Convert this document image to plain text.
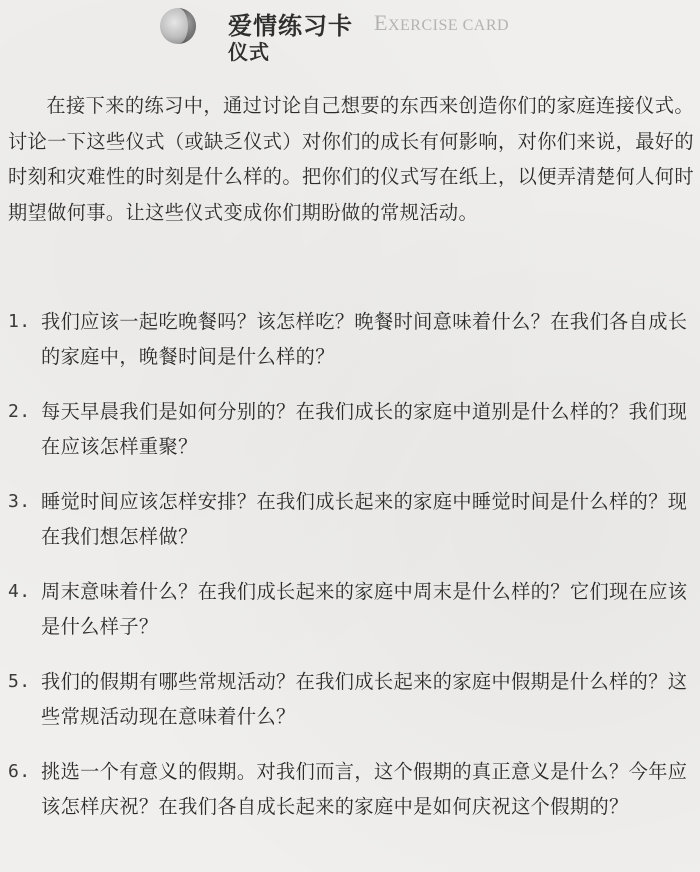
爱情练习卡 EXERCISE CARD
仪式

在接下来的练习中，通过讨论自己想要的东西来创造你们的家庭连接仪式。讨论一下这些仪式（或缺乏仪式）对你们的成长有何影响，对你们来说，最好的时刻和灾难性的时刻是什么样的。把你们的仪式写在纸上，以便弄清楚何人何时期望做何事。让这些仪式变成你们期盼做的常规活动。

1. 我们应该一起吃晚餐吗？该怎样吃？晚餐时间意味着什么？在我们各自成长的家庭中，晚餐时间是什么样的？
2. 每天早晨我们是如何分别的？在我们成长的家庭中道别是什么样的？我们现在应该怎样重聚？
3. 睡觉时间应该怎样安排？在我们成长起来的家庭中睡觉时间是什么样的？现在我们想怎样做？
4. 周末意味着什么？在我们成长起来的家庭中周末是什么样的？它们现在应该是什么样子？
5. 我们的假期有哪些常规活动？在我们成长起来的家庭中假期是什么样的？这些常规活动现在意味着什么？
6. 挑选一个有意义的假期。对我们而言，这个假期的真正意义是什么？今年应该怎样庆祝？在我们各自成长起来的家庭中是如何庆祝这个假期的？
